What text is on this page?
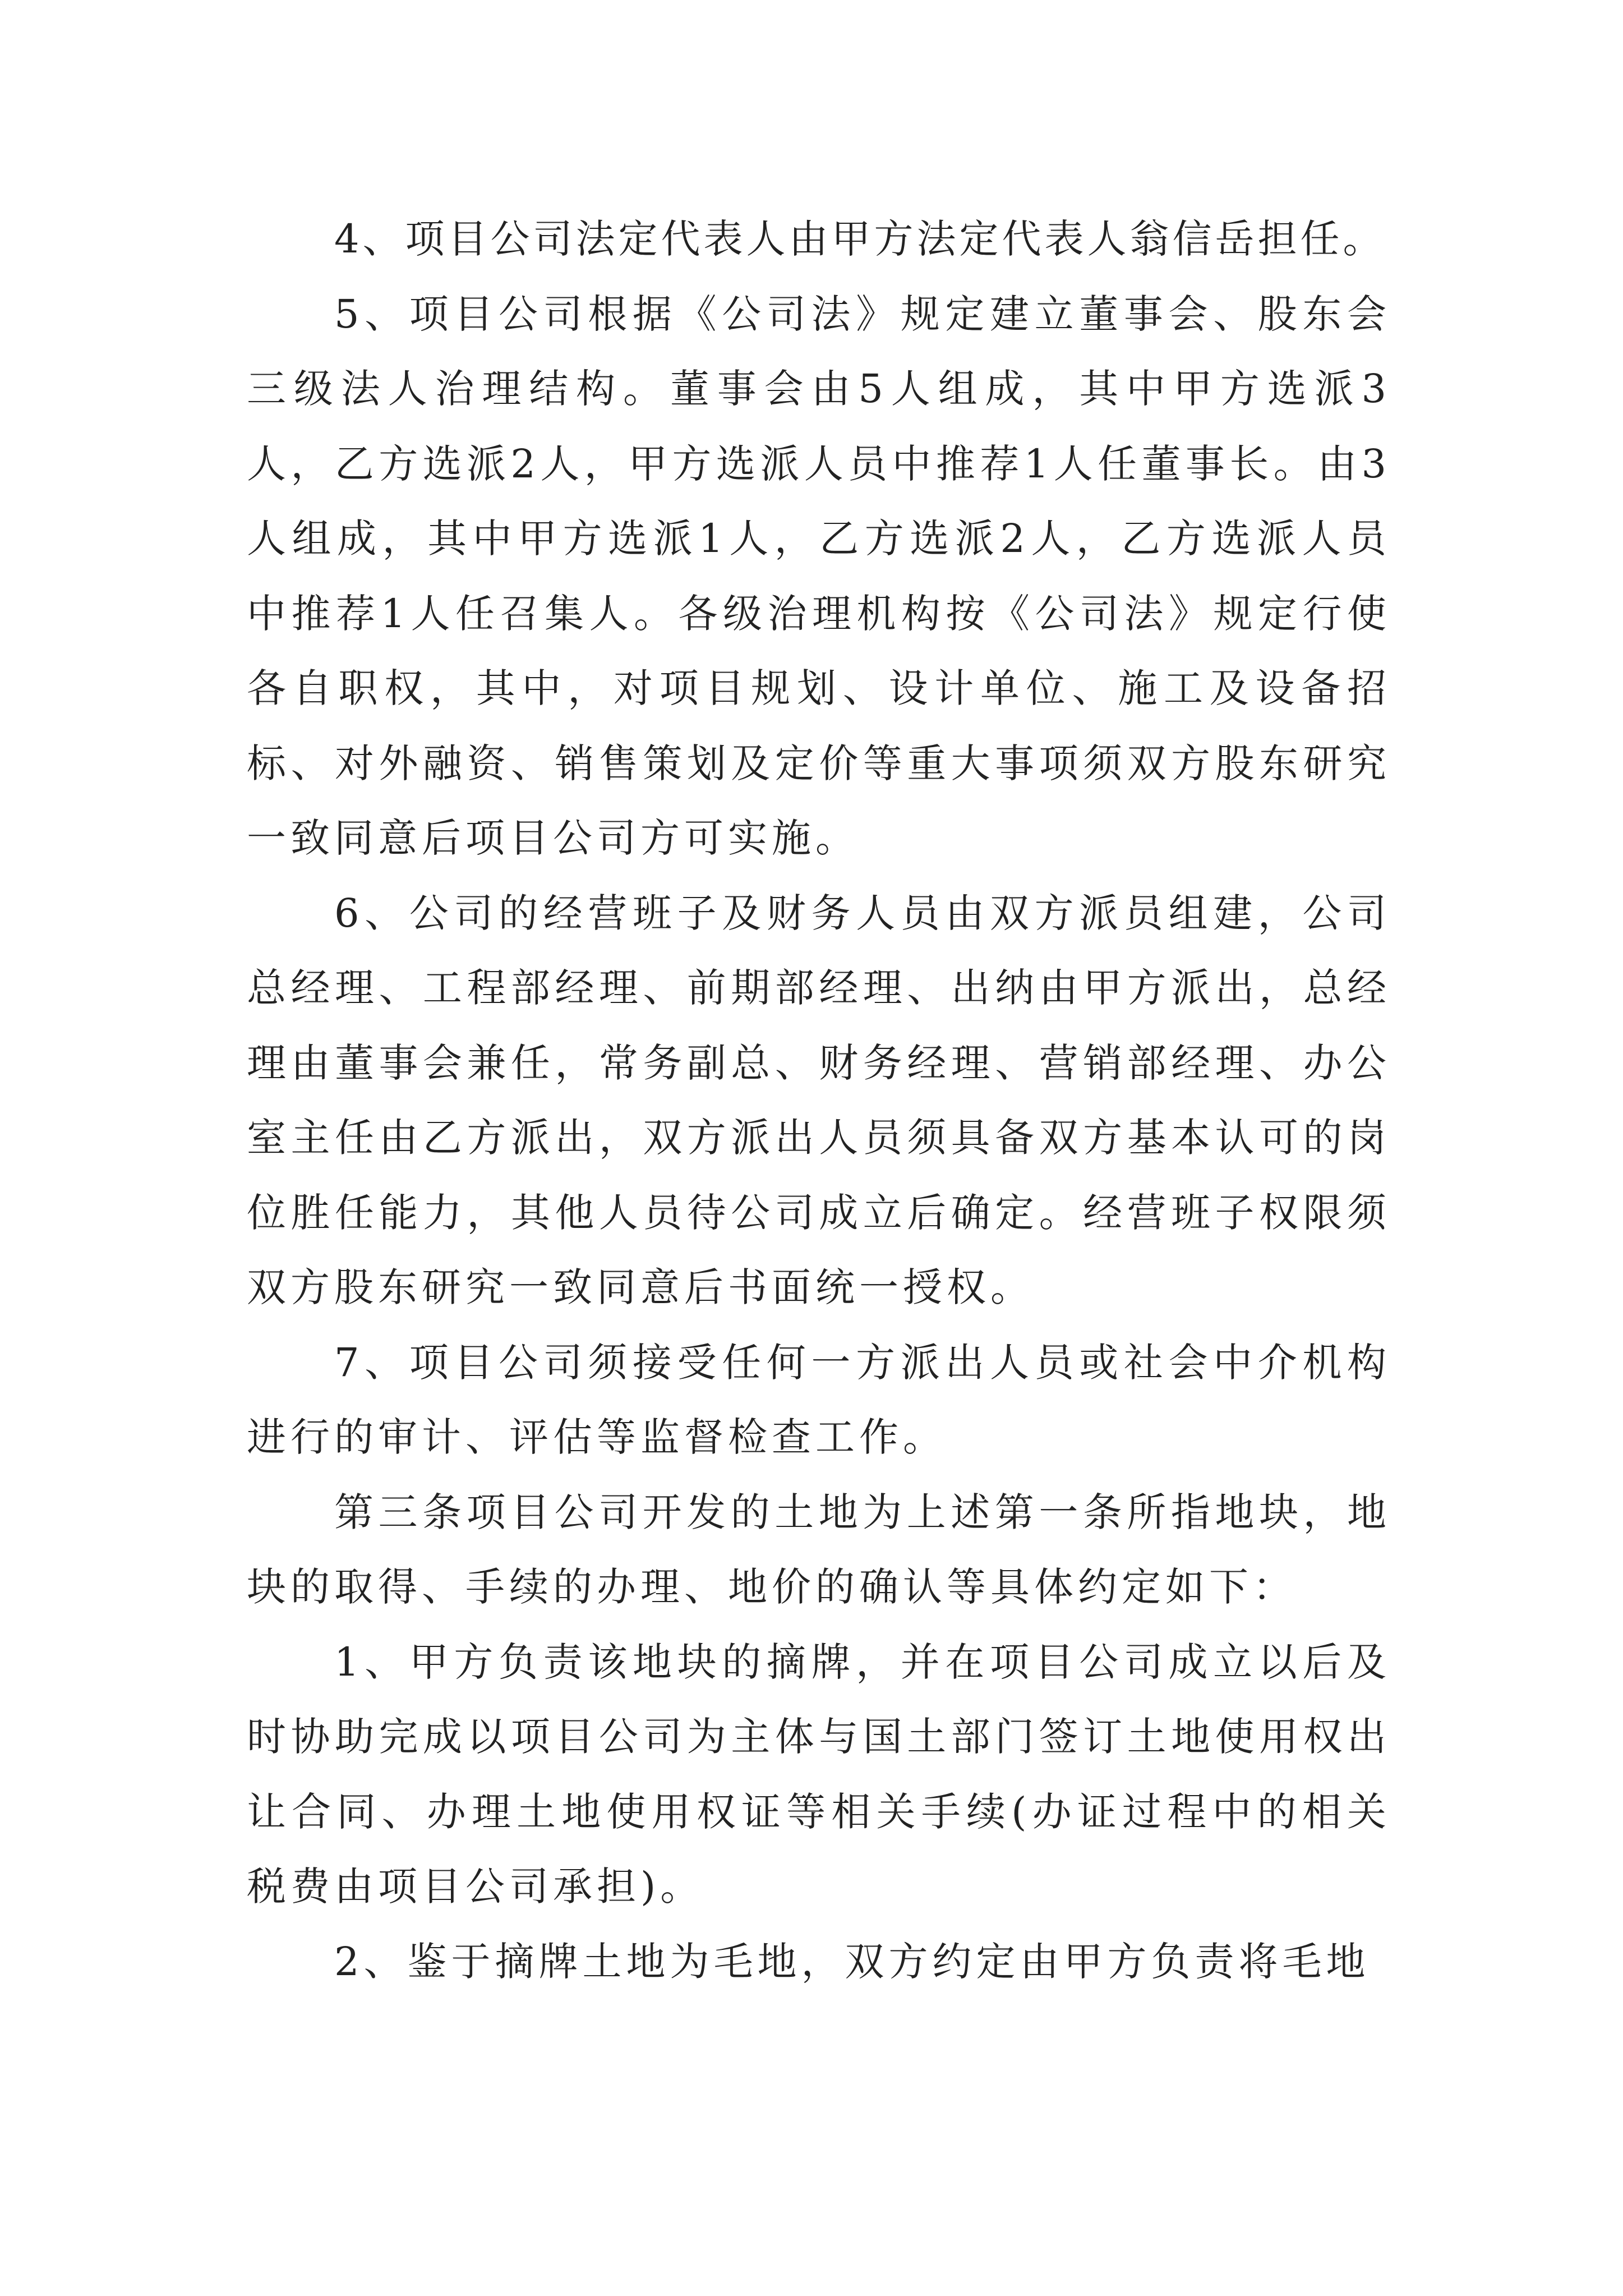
4、项目公司法定代表人由甲方法定代表人翁信岳担任。

5、项目公司根据《公司法》规定建立董事会、股东会三级法人治理结构。董事会由5人组成，其中甲方选派3人，乙方选派2人，甲方选派人员中推荐1人任董事长。由3人组成，其中甲方选派1人，乙方选派2人，乙方选派人员中推荐1人任召集人。各级治理机构按《公司法》规定行使各自职权，其中，对项目规划、设计单位、施工及设备招标、对外融资、销售策划及定价等重大事项须双方股东研究一致同意后项目公司方可实施。

6、公司的经营班子及财务人员由双方派员组建，公司总经理、工程部经理、前期部经理、出纳由甲方派出，总经理由董事会兼任，常务副总、财务经理、营销部经理、办公室主任由乙方派出，双方派出人员须具备双方基本认可的岗位胜任能力，其他人员待公司成立后确定。经营班子权限须双方股东研究一致同意后书面统一授权。

7、项目公司须接受任何一方派出人员或社会中介机构进行的审计、评估等监督检查工作。

第三条项目公司开发的土地为上述第一条所指地块，地块的取得、手续的办理、地价的确认等具体约定如下：

1、甲方负责该地块的摘牌，并在项目公司成立以后及时协助完成以项目公司为主体与国土部门签订土地使用权出让合同、办理土地使用权证等相关手续(办证过程中的相关税费由项目公司承担)。

2、鉴于摘牌土地为毛地，双方约定由甲方负责将毛地
